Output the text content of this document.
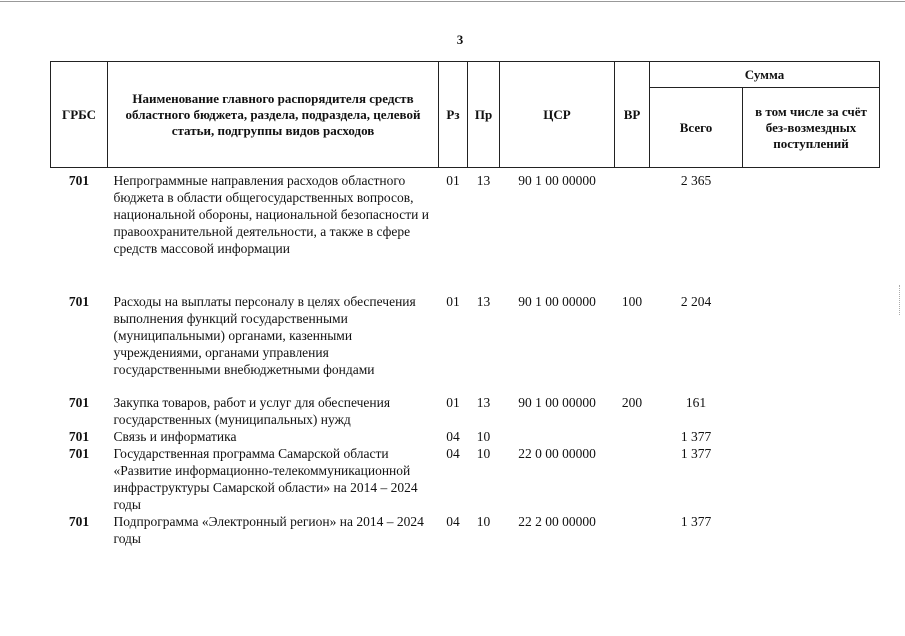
3
ГРБС	Наименование главного распорядителя средств областного бюджета, раздела, подраздела, целевой статьи, подгруппы видов расходов	Рз	Пр	ЦСР	ВР	Сумма	
						Всего	в том числе за счёт без-возмездных поступлений
701	Непрограммные направления расходов областного бюджета в области общегосударственных вопросов, национальной обороны, национальной безопасности и правоохранительной деятельности, а также в сфере средств массовой информации	01	13	90 1 00 00000		2 365	
701	Расходы на выплаты персоналу в целях обеспечения выполнения функций государственными (муниципальными) органами, казенными учреждениями, органами управления государственными внебюджетными фондами	01	13	90 1 00 00000	100	2 204	
701	Закупка товаров, работ и услуг для обеспечения государственных (муниципальных) нужд	01	13	90 1 00 00000	200	161	
701	Связь и информатика	04	10			1 377	
701	Государственная программа Самарской области «Развитие информационно-телекоммуникационной инфраструктуры Самарской области» на 2014 – 2024 годы	04	10	22 0 00 00000		1 377	
701	Подпрограмма «Электронный регион» на 2014 – 2024 годы	04	10	22 2 00 00000		1 377	
